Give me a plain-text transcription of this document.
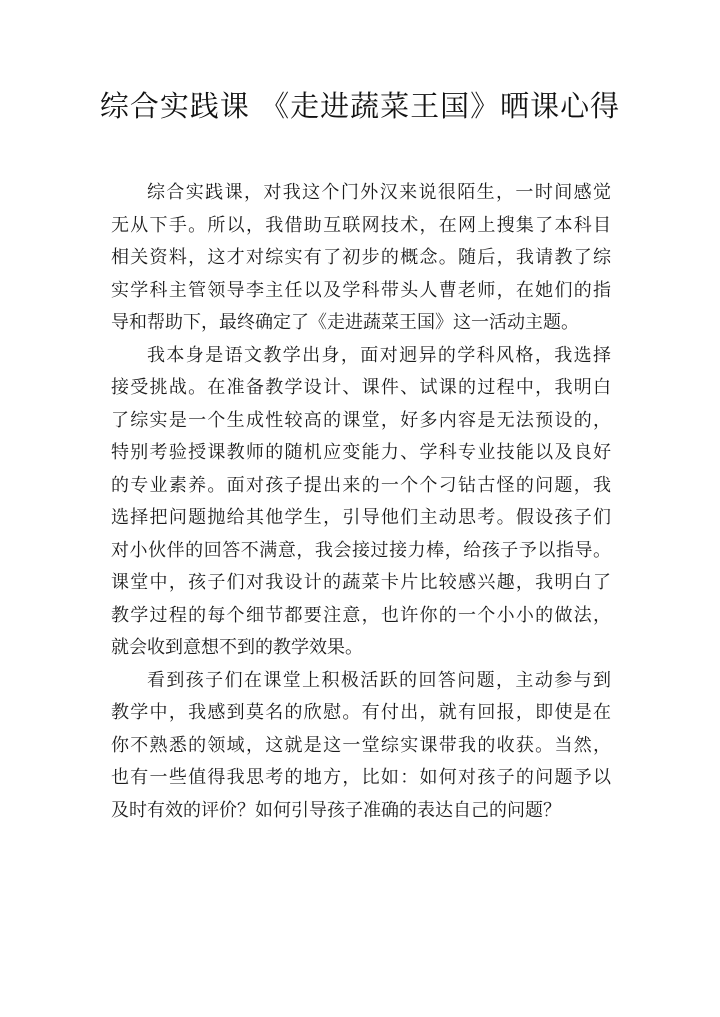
综合实践课 《走进蔬菜王国》晒课心得
综合实践课，对我这个门外汉来说很陌生，一时间感觉
无从下手。所以，我借助互联网技术，在网上搜集了本科目
相关资料，这才对综实有了初步的概念。随后，我请教了综
实学科主管领导李主任以及学科带头人曹老师，在她们的指
导和帮助下，最终确定了《走进蔬菜王国》这一活动主题。
我本身是语文教学出身，面对迥异的学科风格，我选择
接受挑战。在准备教学设计、课件、试课的过程中，我明白
了综实是一个生成性较高的课堂，好多内容是无法预设的，
特别考验授课教师的随机应变能力、学科专业技能以及良好
的专业素养。面对孩子提出来的一个个刁钻古怪的问题，我
选择把问题抛给其他学生，引导他们主动思考。假设孩子们
对小伙伴的回答不满意，我会接过接力棒，给孩子予以指导。
课堂中，孩子们对我设计的蔬菜卡片比较感兴趣，我明白了
教学过程的每个细节都要注意，也许你的一个小小的做法，
就会收到意想不到的教学效果。
看到孩子们在课堂上积极活跃的回答问题，主动参与到
教学中，我感到莫名的欣慰。有付出，就有回报，即使是在
你不熟悉的领域，这就是这一堂综实课带我的收获。当然，
也有一些值得我思考的地方，比如：如何对孩子的问题予以
及时有效的评价？如何引导孩子准确的表达自己的问题？
